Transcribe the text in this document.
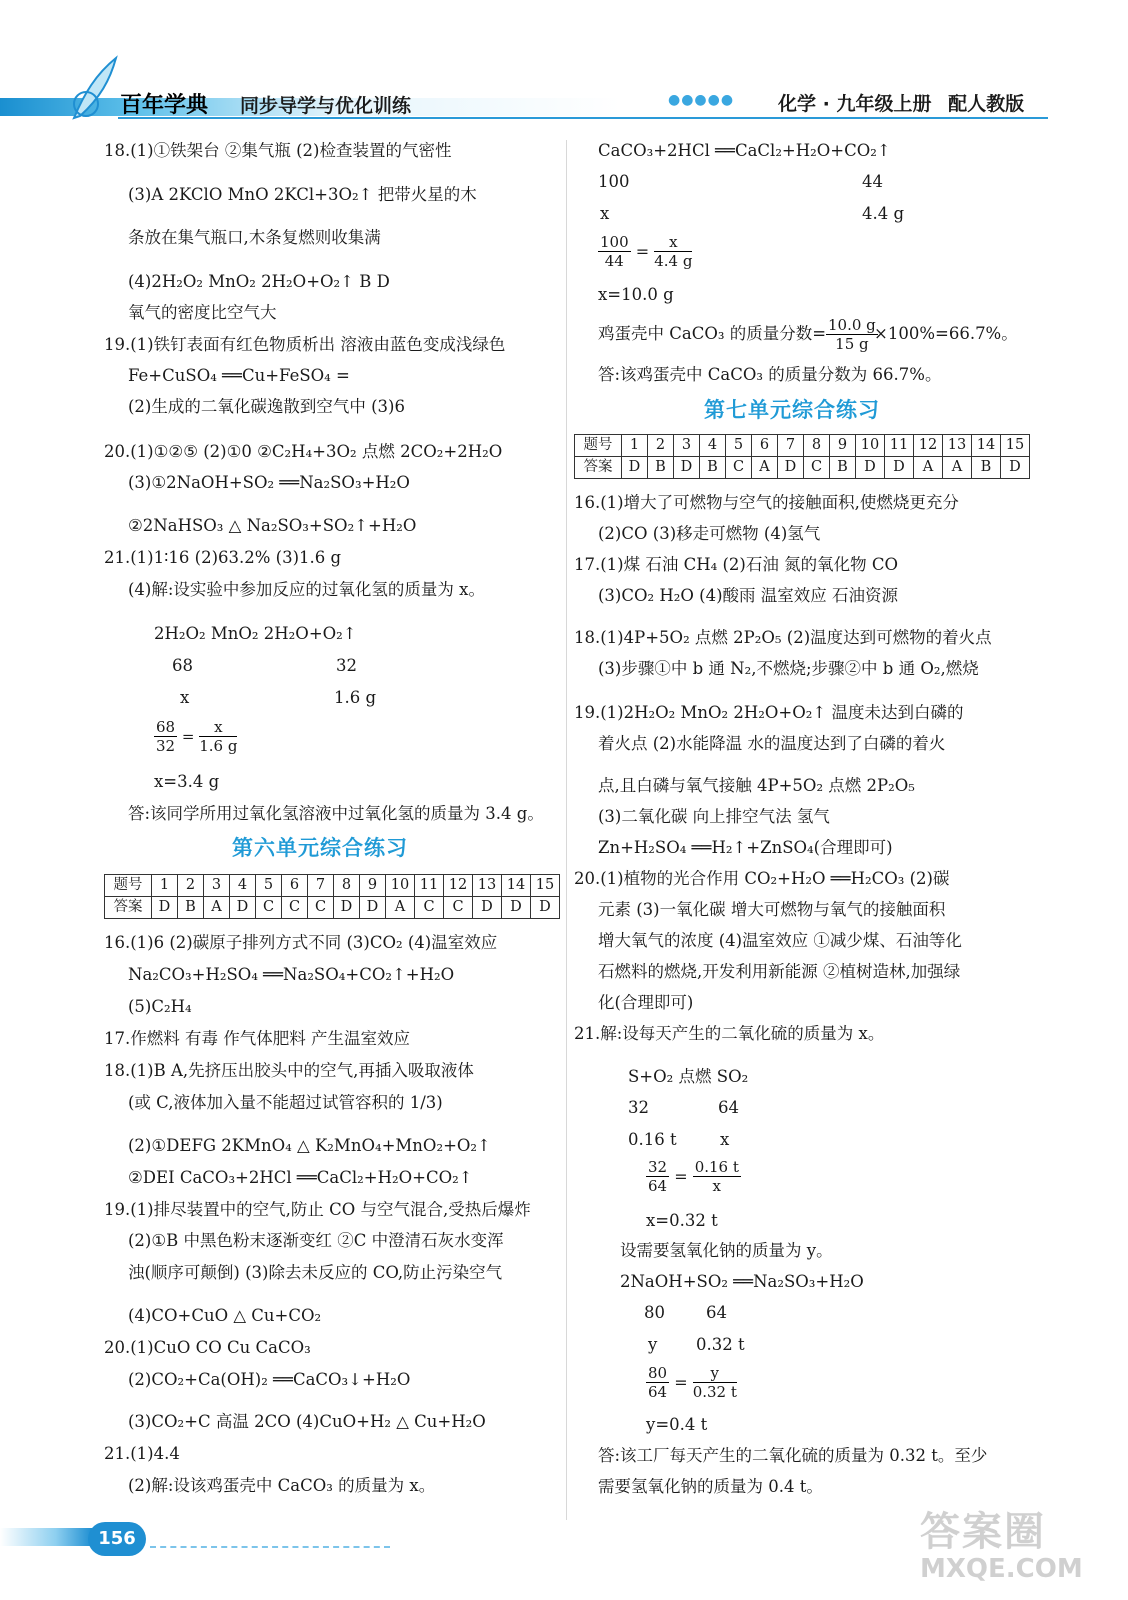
百年学典 同步导学与优化训练	●●●●● 化学 · 九年级上册 配人教版
18.(1)①铁架台 ②集气瓶 (2)检查装置的气密性
(3)A 2KClO MnO 2KCl+3O₂↑ 把带火星的木
条放在集气瓶口,木条复燃则收集满
(4)2H₂O₂ MnO₂ 2H₂O+O₂↑ B D
氧气的密度比空气大
19.(1)铁钉表面有红色物质析出 溶液由蓝色变成浅绿色
Fe+CuSO₄ ══Cu+FeSO₄ =
(2)生成的二氧化碳逸散到空气中 (3)6
20.(1)①②⑤ (2)①0 ②C₂H₄+3O₂ 点燃 2CO₂+2H₂O
(3)①2NaOH+SO₂ ══Na₂SO₃+H₂O
②2NaHSO₃ △ Na₂SO₃+SO₂↑+H₂O
21.(1)1∶16 (2)63.2% (3)1.6 g
(4)解:设实验中参加反应的过氧化氢的质量为 x。
2H₂O₂ MnO₂ 2H₂O+O₂↑
68	32
x	1.6 g
x=3.4 g
答:该同学所用过氧化氢溶液中过氧化氢的质量为 3.4 g。
$\frac{68}{32} = \frac{x}{1.6 g}$
第六单元综合练习
题号	1	2	3	4	5	6	7	8	9	10	11	12	13	14	15
答案	D	B	A	D	C	C	C	D	D	A	C	C	D	D	D
16.(1)6 (2)碳原子排列方式不同 (3)CO₂ (4)温室效应
Na₂CO₃+H₂SO₄ ══Na₂SO₄+CO₂↑+H₂O
(5)C₂H₄
17.作燃料 有毒 作气体肥料 产生温室效应
18.(1)B A,先挤压出胶头中的空气,再插入吸取液体
(或 C,液体加入量不能超过试管容积的 1/3)
(2)①DEFG 2KMnO₄ △ K₂MnO₄+MnO₂+O₂↑
②DEI CaCO₃+2HCl ══CaCl₂+H₂O+CO₂↑
19.(1)排尽装置中的空气,防止 CO 与空气混合,受热后爆炸
(2)①B 中黑色粉末逐渐变红 ②C 中澄清石灰水变浑
浊(顺序可颠倒) (3)除去未反应的 CO,防止污染空气
(4)CO+CuO △ Cu+CO₂
20.(1)CuO CO Cu CaCO₃
(2)CO₂+Ca(OH)₂ ══CaCO₃↓+H₂O
(3)CO₂+C 高温 2CO (4)CuO+H₂ △ Cu+H₂O
21.(1)4.4
(2)解:设该鸡蛋壳中 CaCO₃ 的质量为 x。
CaCO₃+2HCl ══CaCl₂+H₂O+CO₂↑
100	44
x	4.4 g
x=10.0 g
鸡蛋壳中 CaCO₃ 的质量分数=	×100%=66.7%。
答:该鸡蛋壳中 CaCO₃ 的质量分数为 66.7%。
$\frac{100}{44} = \frac{x}{4.4 g}$
$\frac{10.0 g}{15 g}$
第七单元综合练习
题号	1	2	3	4	5	6	7	8	9	10	11	12	13	14	15
答案	D	B	D	B	C	A	D	C	B	D	D	A	A	B	D
16.(1)增大了可燃物与空气的接触面积,使燃烧更充分
(2)CO (3)移走可燃物 (4)氢气
17.(1)煤 石油 CH₄ (2)石油 氮的氧化物 CO
(3)CO₂ H₂O (4)酸雨 温室效应 石油资源
18.(1)4P+5O₂ 点燃 2P₂O₅ (2)温度达到可燃物的着火点
(3)步骤①中 b 通 N₂,不燃烧;步骤②中 b 通 O₂,燃烧
19.(1)2H₂O₂ MnO₂ 2H₂O+O₂↑ 温度未达到白磷的
着火点 (2)水能降温 水的温度达到了白磷的着火
点,且白磷与氧气接触 4P+5O₂ 点燃 2P₂O₅
(3)二氧化碳 向上排空气法 氢气
Zn+H₂SO₄ ══H₂↑+ZnSO₄(合理即可)
20.(1)植物的光合作用 CO₂+H₂O ══H₂CO₃ (2)碳
元素 (3)一氧化碳 增大可燃物与氧气的接触面积
增大氧气的浓度 (4)温室效应 ①减少煤、石油等化
石燃料的燃烧,开发利用新能源 ②植树造林,加强绿
化(合理即可)
21.解:设每天产生的二氧化硫的质量为 x。
S+O₂ 点燃 SO₂
32	64
0.16 t	x
x=0.32 t
设需要氢氧化钠的质量为 y。
2NaOH+SO₂ ══Na₂SO₃+H₂O
80 64
y 0.32 t
y=0.4 t
答:该工厂每天产生的二氧化硫的质量为 0.32 t。至少
需要氢氧化钠的质量为 0.4 t。
$\frac{32}{64} = \frac{0.16 t}{x}$
$\frac{80}{64} = \frac{y}{0.32 t}$
156	答案圈
MXQE.COM
